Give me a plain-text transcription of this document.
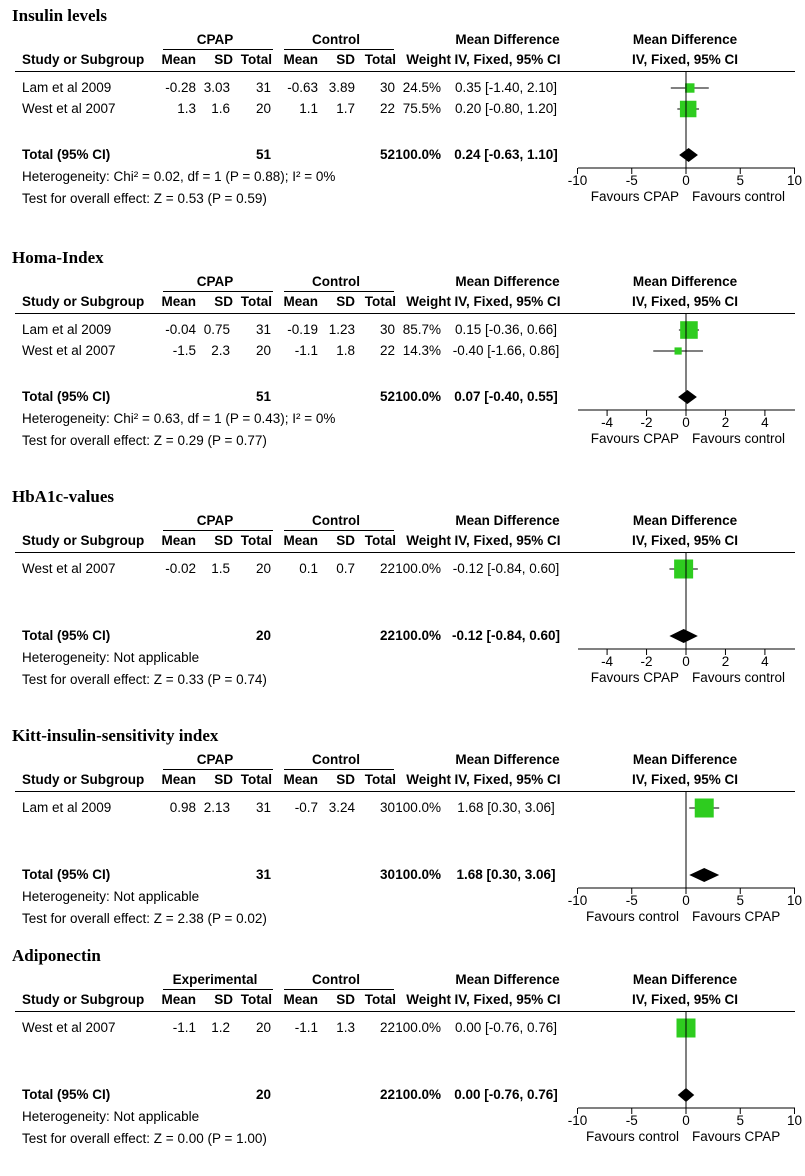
Insulin levels
CPAP	Control	Mean Difference	Mean Difference
Study or Subgroup	Mean	SD Total Mean	SD Total Weight IV, Fixed, 95% CI	IV, Fixed, 95% CI
Lam et al 2009	-0.28 3.03	31	-0.63 3.89	30 24.5%	0.35 [-1.40, 2.10]
West et al 2007	1.3	1.6	20	1.1	1.7	22 75.5%	0.20 [-0.80, 1.20]
Total (95% CI)	51	52 100.0% 0.24 [-0.63, 1.10]
Heterogeneity: Chi² = 0.02, df = 1 (P = 0.88); I² = 0%
Test for overall effect: Z = 0.53 (P = 0.59)
-10	-5	0	5	10
Favours CPAP Favours control
Homa-Index
CPAP	Control	Mean Difference	Mean Difference
Study or Subgroup	Mean	SD Total Mean	SD Total Weight IV, Fixed, 95% CI	IV, Fixed, 95% CI
Lam et al 2009	-0.04 0.75	31	-0.19 1.23	30 85.7%	0.15 [-0.36, 0.66]
West et al 2007	-1.5	2.3	20	-1.1	1.8	22 14.3% -0.40 [-1.66, 0.86]
Total (95% CI)	51	52 100.0% 0.07 [-0.40, 0.55]
Heterogeneity: Chi² = 0.63, df = 1 (P = 0.43); I² = 0%
Test for overall effect: Z = 0.29 (P = 0.77)
-4	-2	0	2	4
Favours CPAP Favours control
HbA1c-values
CPAP	Control	Mean Difference	Mean Difference
Study or Subgroup	Mean	SD Total Mean	SD Total Weight IV, Fixed, 95% CI	IV, Fixed, 95% CI
West et al 2007	-0.02	1.5	20	0.1	0.7	22 100.0% -0.12 [-0.84, 0.60]
Total (95% CI)	20	22 100.0% -0.12 [-0.84, 0.60]
Heterogeneity: Not applicable
Test for overall effect: Z = 0.33 (P = 0.74)
-4	-2	0	2	4
Favours CPAP Favours control
Kitt-insulin-sensitivity index
CPAP	Control	Mean Difference	Mean Difference
Study or Subgroup	Mean	SD Total Mean	SD Total Weight IV, Fixed, 95% CI	IV, Fixed, 95% CI
Lam et al 2009	0.98 2.13	31	-0.7 3.24	30 100.0%	1.68 [0.30, 3.06]
Total (95% CI)	31	30 100.0%	1.68 [0.30, 3.06]
Heterogeneity: Not applicable
Test for overall effect: Z = 2.38 (P = 0.02)
-10	-5	0	5	10
Favours control Favours CPAP
Adiponectin
Experimental	Control	Mean Difference	Mean Difference
Study or Subgroup	Mean	SD Total Mean	SD Total Weight IV, Fixed, 95% CI	IV, Fixed, 95% CI
West et al 2007	-1.1	1.2	20	-1.1	1.3	22 100.0%	0.00 [-0.76, 0.76]
Total (95% CI)	20	22 100.0% 0.00 [-0.76, 0.76]
Heterogeneity: Not applicable
Test for overall effect: Z = 0.00 (P = 1.00)
-10	-5	0	5	10
Favours control Favours CPAP
